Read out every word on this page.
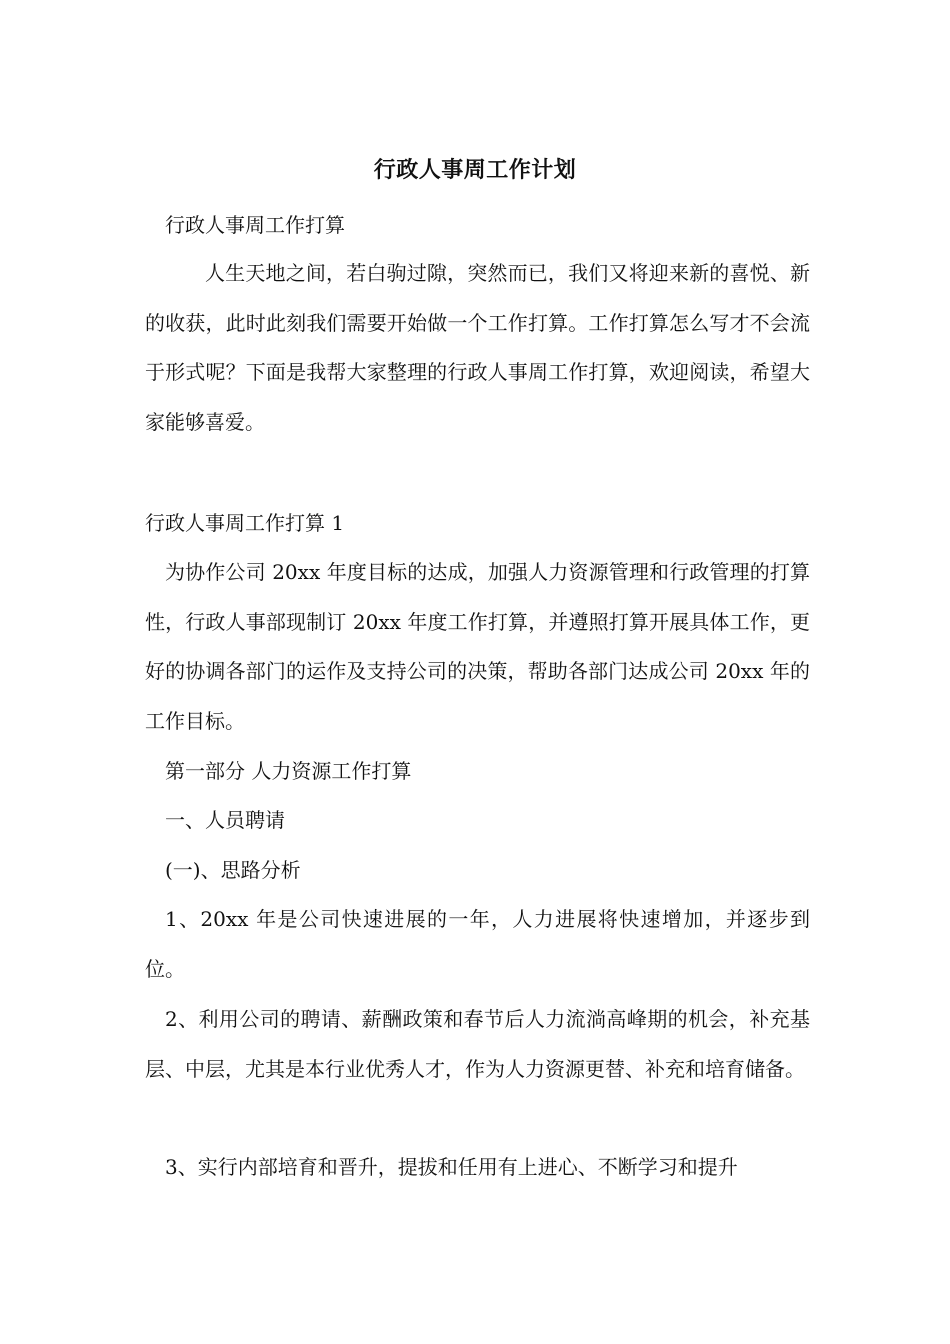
行政人事周工作计划
行政人事周工作打算
人生天地之间，若白驹过隙，突然而已，我们又将迎来新的喜悦、新的收获，此时此刻我们需要开始做一个工作打算。工作打算怎么写才不会流于形式呢？下面是我帮大家整理的行政人事周工作打算，欢迎阅读，希望大家能够喜爱。
行政人事周工作打算 1
为协作公司 20xx 年度目标的达成，加强人力资源管理和行政管理的打算性，行政人事部现制订 20xx 年度工作打算，并遵照打算开展具体工作，更好的协调各部门的运作及支持公司的决策，帮助各部门达成公司 20xx 年的工作目标。
第一部分 人力资源工作打算
一、人员聘请
(一)、思路分析
1、20xx 年是公司快速进展的一年，人力进展将快速增加，并逐步到位。
2、利用公司的聘请、薪酬政策和春节后人力流淌高峰期的机会，补充基层、中层，尤其是本行业优秀人才，作为人力资源更替、补充和培育储备。
3、实行内部培育和晋升，提拔和任用有上进心、不断学习和提升
